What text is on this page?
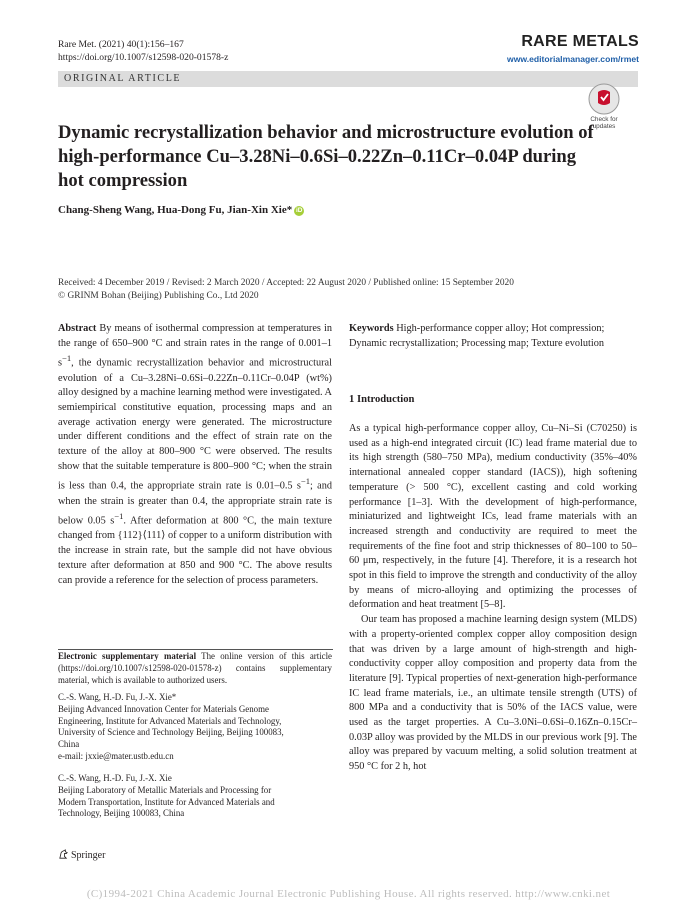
Rare Met. (2021) 40(1):156–167
https://doi.org/10.1007/s12598-020-01578-z
RARE METALS
www.editorialmanager.com/rmet
ORIGINAL ARTICLE
Check for updates
Dynamic recrystallization behavior and microstructure evolution of high-performance Cu–3.28Ni–0.6Si–0.22Zn–0.11Cr–0.04P during hot compression
Chang-Sheng Wang, Hua-Dong Fu, Jian-Xin Xie* iD
Received: 4 December 2019 / Revised: 2 March 2020 / Accepted: 22 August 2020 / Published online: 15 September 2020
© GRINM Bohan (Beijing) Publishing Co., Ltd 2020
Abstract By means of isothermal compression at temperatures in the range of 650–900 °C and strain rates in the range of 0.001–1 $s^{-1}$, the dynamic recrystallization behavior and microstructural evolution of a Cu–3.28Ni–0.6Si–0.22Zn–0.11Cr–0.04P (wt%) alloy designed by a machine learning method were investigated. A semiempirical constitutive equation, processing maps and an average activation energy were generated. The microstructure under different conditions and the effect of strain rate on the texture of the alloy at 800–900 °C were observed. The results show that the suitable temperature is 800–900 °C; when the strain is less than 0.4, the appropriate strain rate is 0.01–0.5 $s^{-1}$; and when the strain is greater than 0.4, the appropriate strain rate is below 0.05 $s^{-1}$. After deformation at 800 °C, the main texture changed from {112}⟨111⟩ of copper to a uniform distribution with the increase in strain rate, but the sample did not have obvious texture after deformation at 850 and 900 °C. The above results can provide a reference for the selection of process parameters.
Keywords High-performance copper alloy; Hot compression; Dynamic recrystallization; Processing map; Texture evolution
1 Introduction

As a typical high-performance copper alloy, Cu–Ni–Si (C70250) is used as a high-end integrated circuit (IC) lead frame material due to its high strength (580–750 MPa), medium conductivity (35%–40% international annealed copper standard (IACS)), high softening temperature (> 500 °C), excellent casting and cold working performance [1–3]. With the development of high-performance, miniaturized and lightweight ICs, lead frame materials with an increased strength and conductivity are required to meet the requirements of the fine foot and strip thicknesses of 80–100 to 50–60 μm, respectively, in the future [4]. Therefore, it is a research hot spot in this field to improve the strength and conductivity of the alloy by means of micro-alloying and optimizing the processes of deformation and heat treatment [5–8].

Our team has proposed a machine learning design system (MLDS) with a property-oriented complex copper alloy composition design that was driven by a large amount of high-strength and high-conductivity copper alloy composition and property data from the literature [9]. Typical properties of next-generation high-performance IC lead frame materials, i.e., an ultimate tensile strength (UTS) of 800 MPa and a conductivity that is 50% of the IACS value, were used as the target properties. A Cu–3.0Ni–0.6Si–0.16Zn–0.15Cr–0.03P alloy was provided by the MLDS in our previous work [9]. The alloy was prepared by vacuum melting, a solid solution treatment at 950 °C for 2 h, hot

Electronic supplementary material The online version of this article (https://doi.org/10.1007/s12598-020-01578-z) contains supplementary material, which is available to authorized users.
C.-S. Wang, H.-D. Fu, J.-X. Xie*
Beijing Advanced Innovation Center for Materials Genome
Engineering, Institute for Advanced Materials and Technology,
University of Science and Technology Beijing, Beijing 100083,
China
e-mail: jxxie@mater.ustb.edu.cn
C.-S. Wang, H.-D. Fu, J.-X. Xie
Beijing Laboratory of Metallic Materials and Processing for
Modern Transportation, Institute for Advanced Materials and
Technology, Beijing 100083, China
Springer
(C)1994-2021 China Academic Journal Electronic Publishing House. All rights reserved. http://www.cnki.net
